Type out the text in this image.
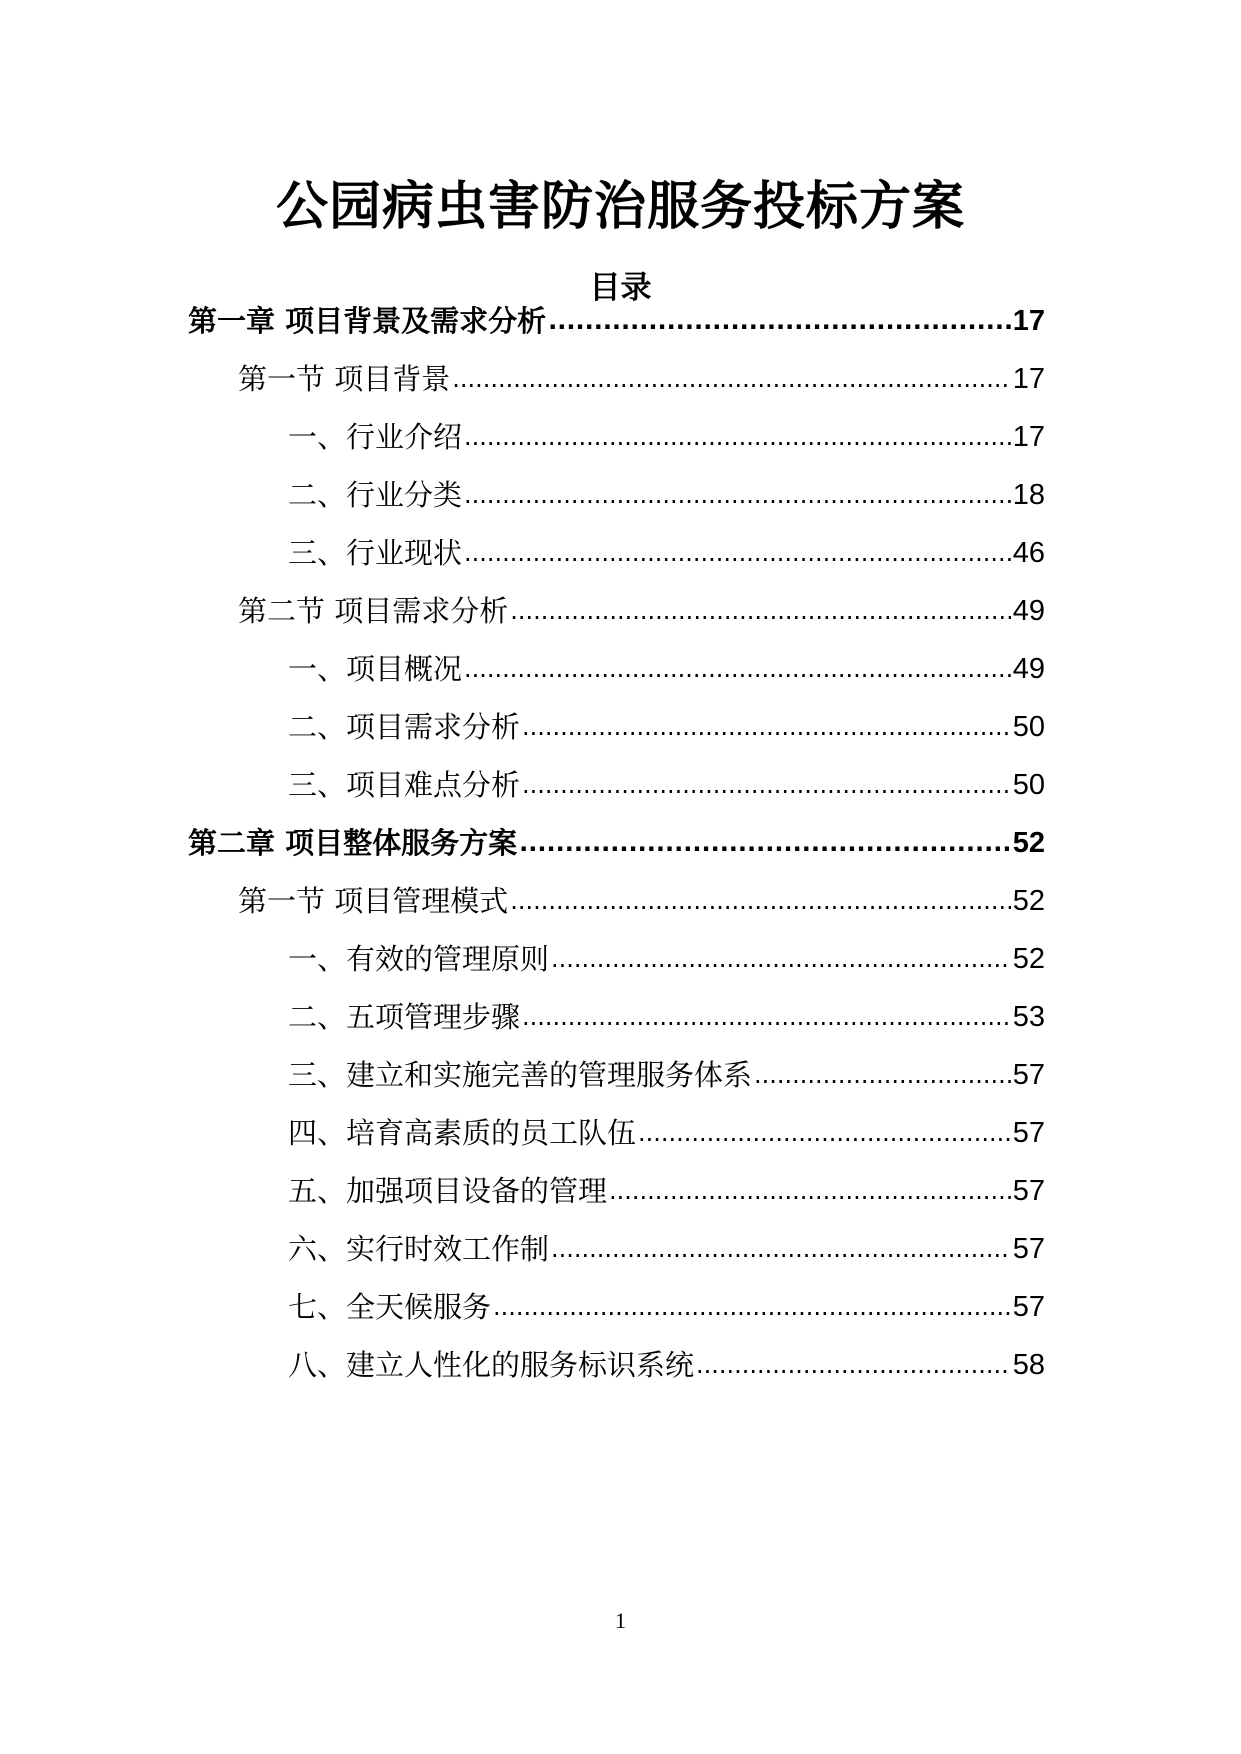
公园病虫害防治服务投标方案
目录
第一章 项目背景及需求分析 .....	17
第一节 项目背景 .....	17
一、行业介绍 .....	17
二、行业分类 .....	18
三、行业现状 .....	46
第二节 项目需求分析 .....	49
一、项目概况 .....	49
二、项目需求分析 .....	50
三、项目难点分析 .....	50
第二章 项目整体服务方案 .....	52
第一节 项目管理模式 .....	52
一、有效的管理原则 .....	52
二、五项管理步骤 .....	53
三、建立和实施完善的管理服务体系 .....	57
四、培育高素质的员工队伍 .....	57
五、加强项目设备的管理 .....	57
六、实行时效工作制 .....	57
七、全天候服务 .....	57
八、建立人性化的服务标识系统 .....	58
1
